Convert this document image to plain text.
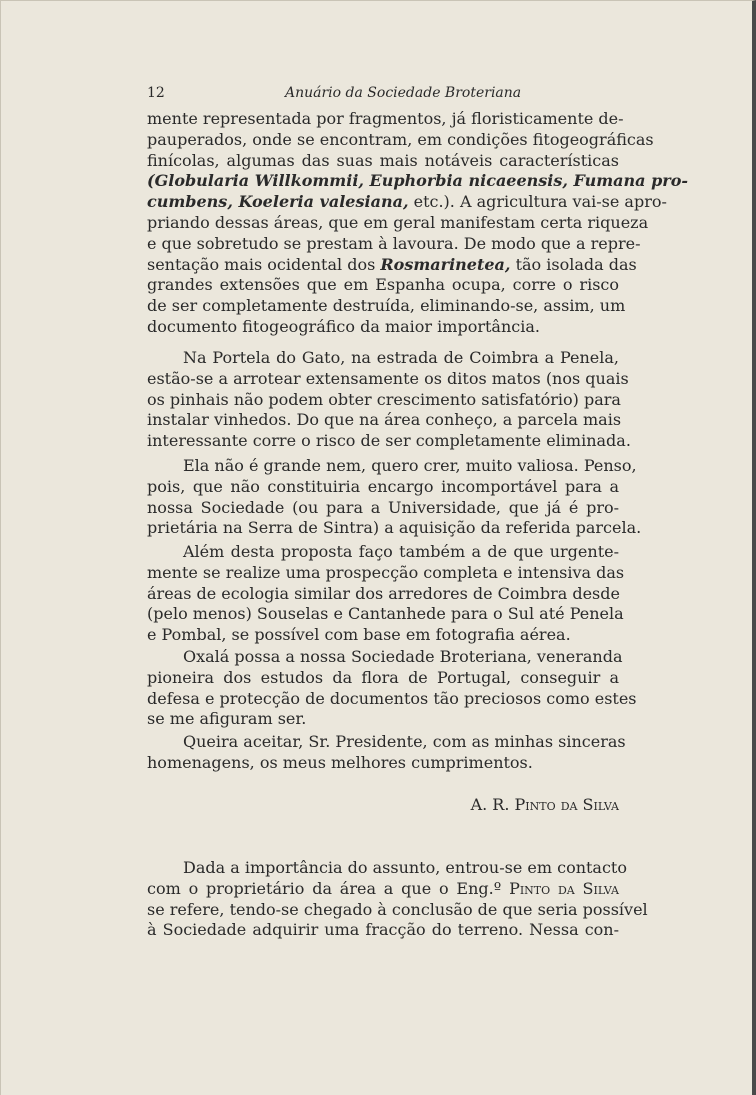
12	Anuário da Sociedade Broteriana
mente representada por fragmentos, já floristicamente de-
pauperados, onde se encontram, em condições fitogeográficas
finícolas, algumas das suas mais notáveis características
(Globularia Willkommii, Euphorbia nicaeensis, Fumana pro-
cumbens, Koeleria valesiana, etc.). A agricultura vai-se apro-
priando dessas áreas, que em geral manifestam certa riqueza
e que sobretudo se prestam à lavoura. De modo que a repre-
sentação mais ocidental dos Rosmarinetea, tão isolada das
grandes extensões que em Espanha ocupa, corre o risco
de ser completamente destruída, eliminando-se, assim, um
documento fitogeográfico da maior importância.
Na Portela do Gato, na estrada de Coimbra a Penela,
estão-se a arrotear extensamente os ditos matos (nos quais
os pinhais não podem obter crescimento satisfatório) para
instalar vinhedos. Do que na área conheço, a parcela mais
interessante corre o risco de ser completamente eliminada.
Ela não é grande nem, quero crer, muito valiosa. Penso,
pois, que não constituiria encargo incomportável para a
nossa Sociedade (ou para a Universidade, que já é pro-
prietária na Serra de Sintra) a aquisição da referida parcela.
Além desta proposta faço também a de que urgente-
mente se realize uma prospecção completa e intensiva das
áreas de ecologia similar dos arredores de Coimbra desde
(pelo menos) Souselas e Cantanhede para o Sul até Penela
e Pombal, se possível com base em fotografia aérea.
Oxalá possa a nossa Sociedade Broteriana, veneranda
pioneira dos estudos da flora de Portugal, conseguir a
defesa e protecção de documentos tão preciosos como estes
se me afiguram ser.
Queira aceitar, Sr. Presidente, com as minhas sinceras
homenagens, os meus melhores cumprimentos.
A. R. Pinto da Silva
Dada a importância do assunto, entrou-se em contacto
com o proprietário da área a que o Eng.º Pinto da Silva
se refere, tendo-se chegado à conclusão de que seria possível
à Sociedade adquirir uma fracção do terreno. Nessa con-
